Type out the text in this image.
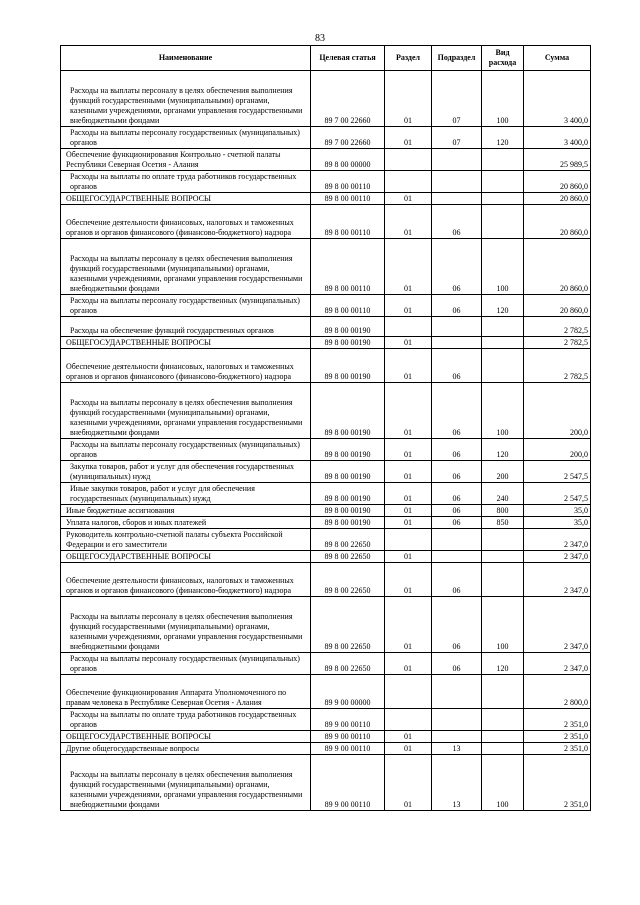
83
Наименование	Целевая статья	Раздел	Подраздел	Вид расхода	Сумма
Расходы на выплаты персоналу в целях обеспечения выполнения функций государственными (муниципальными) органами, казенными учреждениями, органами управления государственными внебюджетными фондами	89 7 00 22660	01	07	100	3 400,0
Расходы на выплаты персоналу государственных (муниципальных) органов	89 7 00 22660	01	07	120	3 400,0
Обеспечение функционирования Контрольно - счетной палаты Республики Северная Осетия - Алания	89 8 00 00000				25 989,5
Расходы на выплаты по оплате труда работников государственных органов	89 8 00 00110				20 860,0
ОБЩЕГОСУДАРСТВЕННЫЕ ВОПРОСЫ	89 8 00 00110	01			20 860,0
Обеспечение деятельности финансовых, налоговых и таможенных органов и органов финансового (финансово-бюджетного) надзора	89 8 00 00110	01	06		20 860,0
Расходы на выплаты персоналу в целях обеспечения выполнения функций государственными (муниципальными) органами, казенными учреждениями, органами управления государственными внебюджетными фондами	89 8 00 00110	01	06	100	20 860,0
Расходы на выплаты персоналу государственных (муниципальных) органов	89 8 00 00110	01	06	120	20 860,0
Расходы на обеспечение функций государственных органов	89 8 00 00190				2 782,5
ОБЩЕГОСУДАРСТВЕННЫЕ ВОПРОСЫ	89 8 00 00190	01			2 782,5
Обеспечение деятельности финансовых, налоговых и таможенных органов и органов финансового (финансово-бюджетного) надзора	89 8 00 00190	01	06		2 782,5
Расходы на выплаты персоналу в целях обеспечения выполнения функций государственными (муниципальными) органами, казенными учреждениями, органами управления государственными внебюджетными фондами	89 8 00 00190	01	06	100	200,0
Расходы на выплаты персоналу государственных (муниципальных) органов	89 8 00 00190	01	06	120	200,0
Закупка товаров, работ и услуг для обеспечения государственных (муниципальных) нужд	89 8 00 00190	01	06	200	2 547,5
Иные закупки товаров, работ и услуг для обеспечения государственных (муниципальных) нужд	89 8 00 00190	01	06	240	2 547,5
Иные бюджетные ассигнования	89 8 00 00190	01	06	800	35,0
Уплата налогов, сборов и иных платежей	89 8 00 00190	01	06	850	35,0
Руководитель контрольно-счетной палаты субъекта Российской Федерации и его заместители	89 8 00 22650				2 347,0
ОБЩЕГОСУДАРСТВЕННЫЕ ВОПРОСЫ	89 8 00 22650	01			2 347,0
Обеспечение деятельности финансовых, налоговых и таможенных органов и органов финансового (финансово-бюджетного) надзора	89 8 00 22650	01	06		2 347,0
Расходы на выплаты персоналу в целях обеспечения выполнения функций государственными (муниципальными) органами, казенными учреждениями, органами управления государственными внебюджетными фондами	89 8 00 22650	01	06	100	2 347,0
Расходы на выплаты персоналу государственных (муниципальных) органов	89 8 00 22650	01	06	120	2 347,0
Обеспечение функционирования Аппарата Уполномоченного по правам человека в Республике Северная Осетия - Алания	89 9 00 00000				2 800,0
Расходы на выплаты по оплате труда работников государственных органов	89 9 00 00110				2 351,0
ОБЩЕГОСУДАРСТВЕННЫЕ ВОПРОСЫ	89 9 00 00110	01			2 351,0
Другие общегосударственные вопросы	89 9 00 00110	01	13		2 351,0
Расходы на выплаты персоналу в целях обеспечения выполнения функций государственными (муниципальными) органами, казенными учреждениями, органами управления государственными внебюджетными фондами	89 9 00 00110	01	13	100	2 351,0
